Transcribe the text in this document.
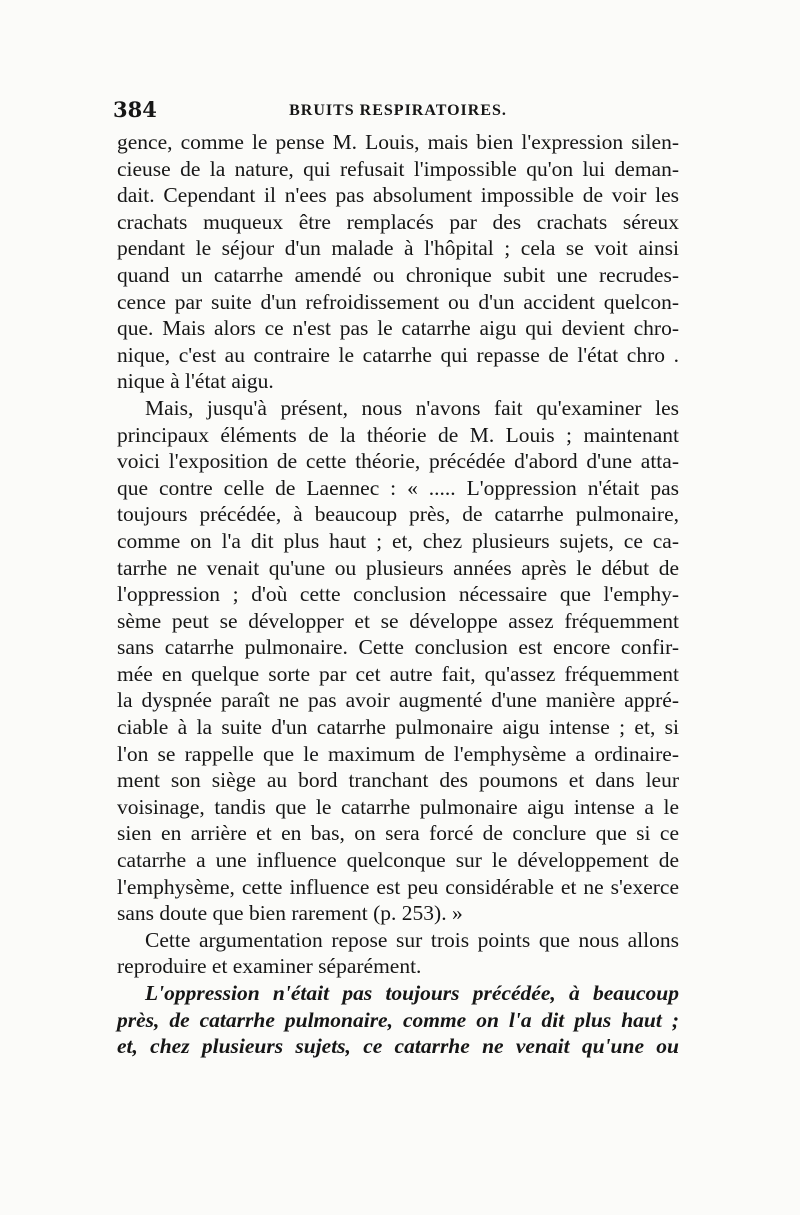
384	BRUITS RESPIRATOIRES.
gence, comme le pense M. Louis, mais bien l'expression silen-
cieuse de la nature, qui refusait l'impossible qu'on lui deman-
dait. Cependant il n'ees pas absolument impossible de voir les
crachats muqueux être remplacés par des crachats séreux
pendant le séjour d'un malade à l'hôpital ; cela se voit ainsi
quand un catarrhe amendé ou chronique subit une recrudes-
cence par suite d'un refroidissement ou d'un accident quelcon-
que. Mais alors ce n'est pas le catarrhe aigu qui devient chro-
nique, c'est au contraire le catarrhe qui repasse de l'état chro .
nique à l'état aigu.
Mais, jusqu'à présent, nous n'avons fait qu'examiner les
principaux éléments de la théorie de M. Louis ; maintenant
voici l'exposition de cette théorie, précédée d'abord d'une atta-
que contre celle de Laennec : « ..... L'oppression n'était pas
toujours précédée, à beaucoup près, de catarrhe pulmonaire,
comme on l'a dit plus haut ; et, chez plusieurs sujets, ce ca-
tarrhe ne venait qu'une ou plusieurs années après le début de
l'oppression ; d'où cette conclusion nécessaire que l'emphy-
sème peut se développer et se développe assez fréquemment
sans catarrhe pulmonaire. Cette conclusion est encore confir-
mée en quelque sorte par cet autre fait, qu'assez fréquemment
la dyspnée paraît ne pas avoir augmenté d'une manière appré-
ciable à la suite d'un catarrhe pulmonaire aigu intense ; et, si
l'on se rappelle que le maximum de l'emphysème a ordinaire-
ment son siège au bord tranchant des poumons et dans leur
voisinage, tandis que le catarrhe pulmonaire aigu intense a le
sien en arrière et en bas, on sera forcé de conclure que si ce
catarrhe a une influence quelconque sur le développement de
l'emphysème, cette influence est peu considérable et ne s'exerce
sans doute que bien rarement (p. 253). »
Cette argumentation repose sur trois points que nous allons
reproduire et examiner séparément.
L'oppression n'était pas toujours précédée, à beaucoup
près, de catarrhe pulmonaire, comme on l'a dit plus haut ;
et, chez plusieurs sujets, ce catarrhe ne venait qu'une ou
